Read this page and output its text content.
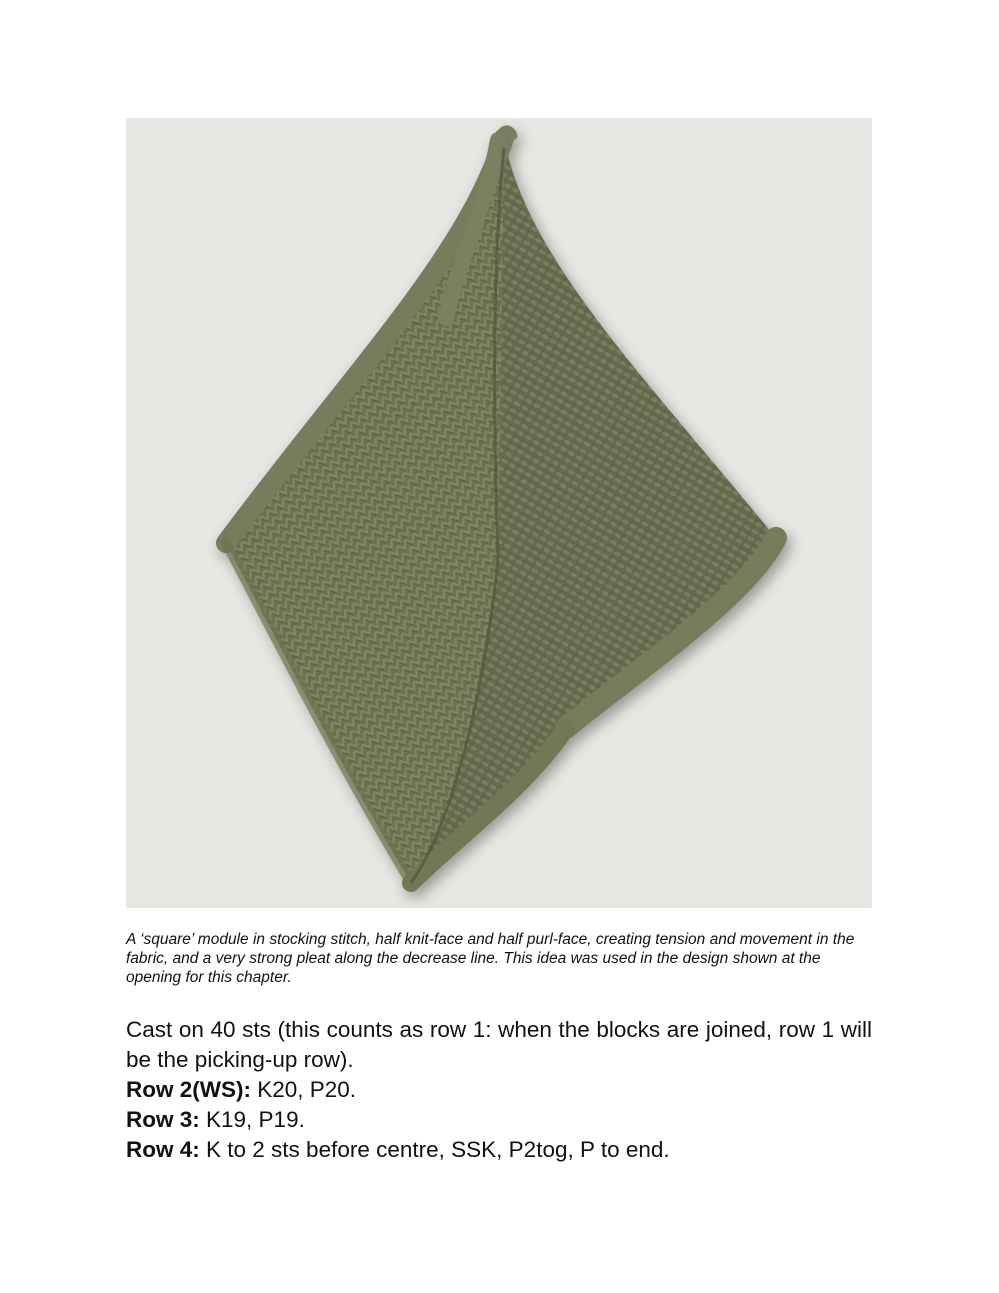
A ‘square’ module in stocking stitch, half knit-face and half purl-face, creating tension and movement in the fabric, and a very strong pleat along the decrease line. This idea was used in the design shown at the opening for this chapter.

Cast on 40 sts (this counts as row 1: when the blocks are joined, row 1 will be the picking-up row).

Row 2(WS): K20, P20.

Row 3: K19, P19.

Row 4: K to 2 sts before centre, SSK, P2tog, P to end.
